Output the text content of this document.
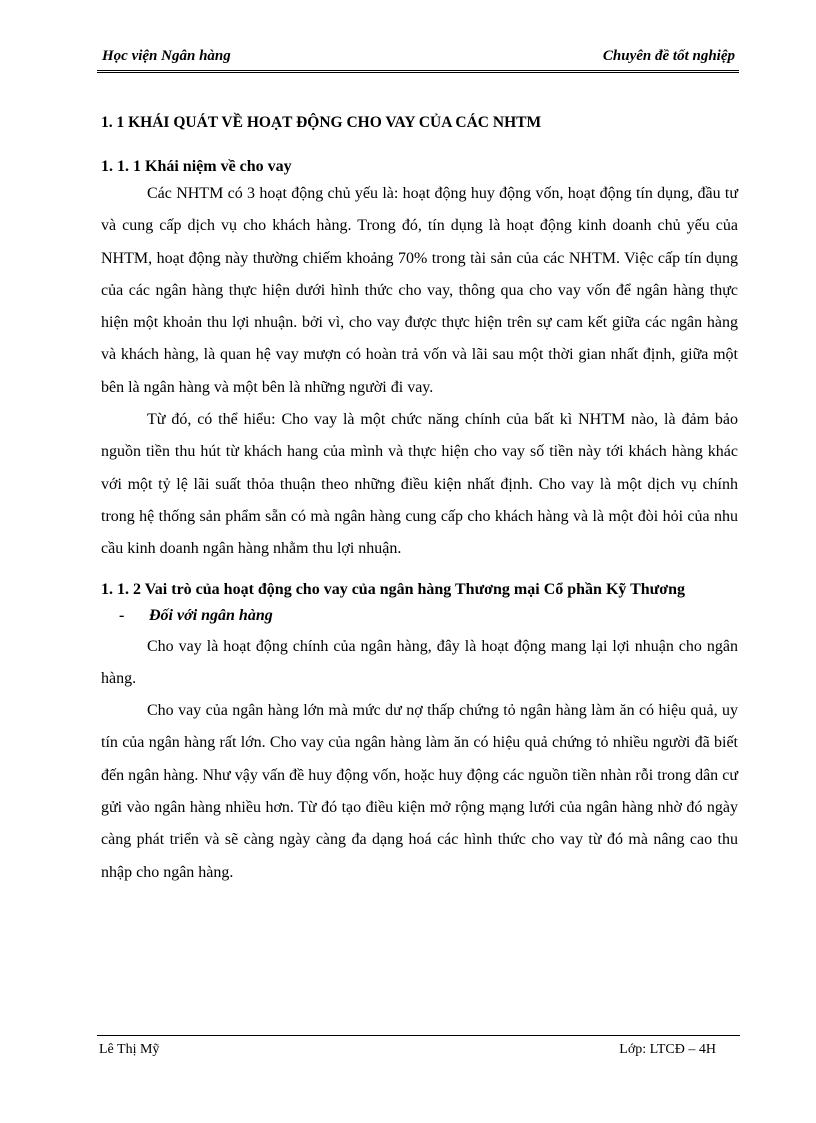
Học viện Ngân hàng	Chuyên đề tốt nghiệp
1. 1 KHÁI QUÁT VỀ HOẠT ĐỘNG CHO VAY CỦA CÁC NHTM
1. 1. 1 Khái niệm về cho vay

Các NHTM có 3 hoạt động chủ yếu là: hoạt động huy động vốn, hoạt động tín dụng, đầu tư và cung cấp dịch vụ cho khách hàng. Trong đó, tín dụng là hoạt động kinh doanh chủ yếu của NHTM, hoạt động này thường chiếm khoảng 70% trong tài sản của các NHTM. Việc cấp tín dụng của các ngân hàng thực hiện dưới hình thức cho vay, thông qua cho vay vốn để ngân hàng thực hiện một khoản thu lợi nhuận. bởi vì, cho vay được thực hiện trên sự cam kết giữa các ngân hàng và khách hàng, là quan hệ vay mượn có hoàn trả vốn và lãi sau một thời gian nhất định, giữa một bên là ngân hàng và một bên là những người đi vay.

Từ đó, có thể hiểu: Cho vay là một chức năng chính của bất kì NHTM nào, là đảm bảo nguồn tiền thu hút từ khách hang của mình và thực hiện cho vay số tiền này tới khách hàng khác với một tỷ lệ lãi suất thỏa thuận theo những điều kiện nhất định. Cho vay là một dịch vụ chính trong hệ thống sản phẩm sẵn có mà ngân hàng cung cấp cho khách hàng và là một đòi hỏi của nhu cầu kinh doanh ngân hàng nhằm thu lợi nhuận.

1. 1. 2 Vai trò của hoạt động cho vay của ngân hàng Thương mại Cổ phần Kỹ Thương
- Đối với ngân hàng

Cho vay là hoạt động chính của ngân hàng, đây là hoạt động mang lại lợi nhuận cho ngân hàng.

Cho vay của ngân hàng lớn mà mức dư nợ thấp chứng tỏ ngân hàng làm ăn có hiệu quả, uy tín của ngân hàng rất lớn. Cho vay của ngân hàng làm ăn có hiệu quả chứng tỏ nhiều người đã biết đến ngân hàng. Như vậy vấn đề huy động vốn, hoặc huy động các nguồn tiền nhàn rỗi trong dân cư gửi vào ngân hàng nhiều hơn. Từ đó tạo điều kiện mở rộng mạng lưới của ngân hàng nhờ đó ngày càng phát triển và sẽ càng ngày càng đa dạng hoá các hình thức cho vay từ đó mà nâng cao thu nhập cho ngân hàng.

Lê Thị Mỹ	Lớp: LTCĐ – 4H
